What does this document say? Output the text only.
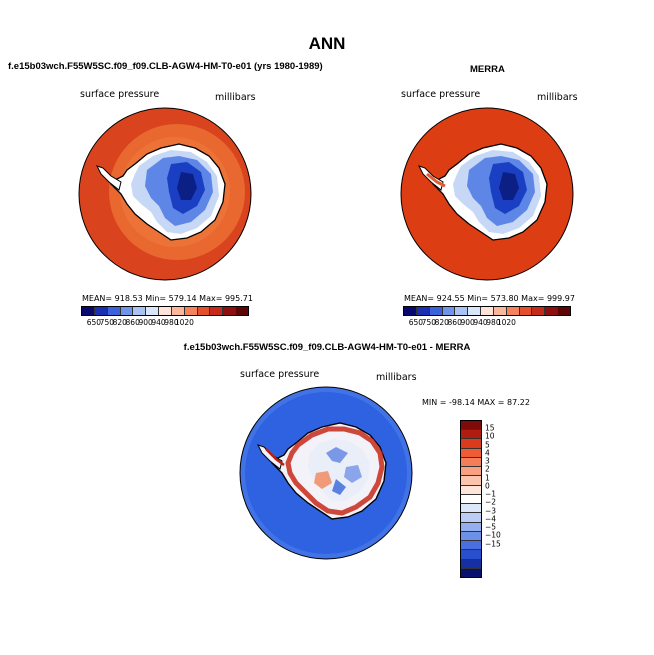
ANN
f.e15b03wch.F55W5SC.f09_f09.CLB-AGW4-HM-T0-e01 (yrs 1980-1989)
surface pressure	millibars
MEAN= 918.53 Min= 579.14 Max= 995.71
650
750
820
860
900
940
980
1020
MERRA
surface pressure	millibars
MEAN= 924.55 Min= 573.80 Max= 999.97
650
750
820
860
900
940
980
1020
f.e15b03wch.F55W5SC.f09_f09.CLB-AGW4-HM-T0-e01 - MERRA
surface pressure	millibars
MIN = -98.14 MAX = 87.22
15
10
5
4
3
2
1
0
−1
−2
−3
−4
−5
−10
−15
